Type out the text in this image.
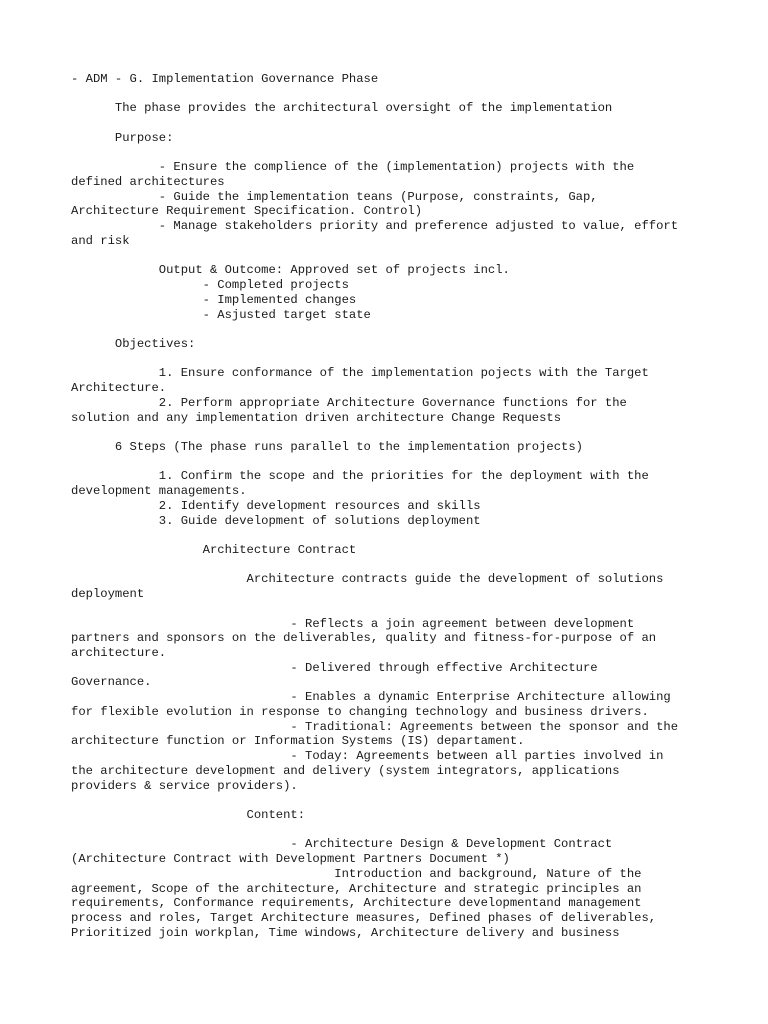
- ADM - G. Implementation Governance Phase
The phase provides the architectural oversight of the implementation
Purpose:
- Ensure the complience of the (implementation) projects with the
defined architectures
- Guide the implementation teans (Purpose, constraints, Gap,
Architecture Requirement Specification. Control)
- Manage stakeholders priority and preference adjusted to value, effort
and risk
Output & Outcome: Approved set of projects incl.
- Completed projects
- Implemented changes
- Asjusted target state
Objectives:
1. Ensure conformance of the implementation pojects with the Target
Architecture.
2. Perform appropriate Architecture Governance functions for the
solution and any implementation driven architecture Change Requests
6 Steps (The phase runs parallel to the implementation projects)
1. Confirm the scope and the priorities for the deployment with the
development managements.
2. Identify development resources and skills
3. Guide development of solutions deployment
Architecture Contract
Architecture contracts guide the development of solutions
deployment
- Reflects a join agreement between development
partners and sponsors on the deliverables, quality and fitness-for-purpose of an
architecture.
- Delivered through effective Architecture
Governance.
- Enables a dynamic Enterprise Architecture allowing
for flexible evolution in response to changing technology and business drivers.
- Traditional: Agreements between the sponsor and the
architecture function or Information Systems (IS) departament.
- Today: Agreements between all parties involved in
the architecture development and delivery (system integrators, applications
providers & service providers).
Content:
- Architecture Design & Development Contract
(Architecture Contract with Development Partners Document *)
Introduction and background, Nature of the
agreement, Scope of the architecture, Architecture and strategic principles an
requirements, Conformance requirements, Architecture developmentand management
process and roles, Target Architecture measures, Defined phases of deliverables,
Prioritized join workplan, Time windows, Architecture delivery and business
